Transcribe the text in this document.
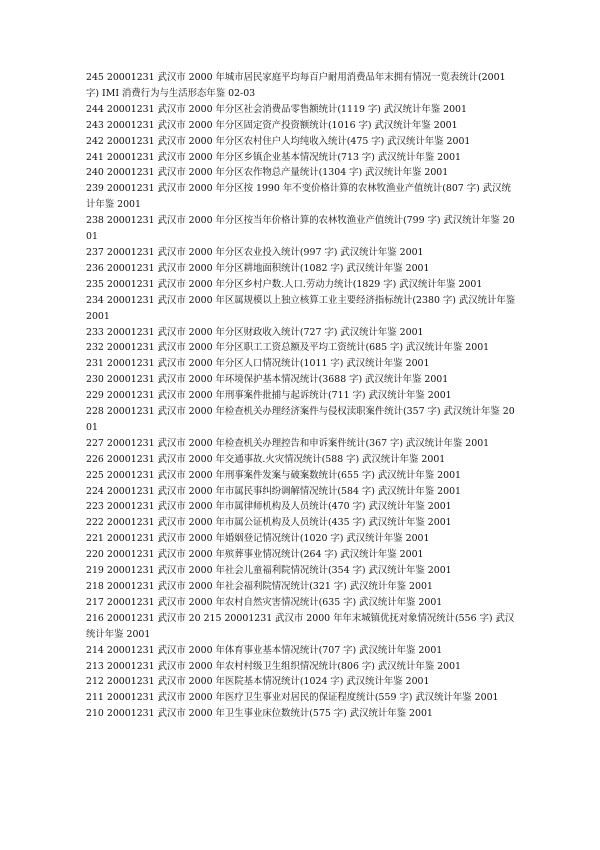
245 20001231 武汉市 2000 年城市居民家庭平均每百户耐用消费品年末拥有情况一览表统计(2001 字) IMI 消费行为与生活形态年鉴 02-03
244 20001231 武汉市 2000 年分区社会消费品零售额统计(1119 字) 武汉统计年鉴 2001
243 20001231 武汉市 2000 年分区固定资产投资额统计(1016 字) 武汉统计年鉴 2001
242 20001231 武汉市 2000 年分区农村住户人均纯收入统计(475 字) 武汉统计年鉴 2001
241 20001231 武汉市 2000 年分区乡镇企业基本情况统计(713 字) 武汉统计年鉴 2001
240 20001231 武汉市 2000 年分区农作物总产量统计(1304 字) 武汉统计年鉴 2001
239 20001231 武汉市 2000 年分区按 1990 年不变价格计算的农林牧渔业产值统计(807 字) 武汉统计年鉴 2001
238 20001231 武汉市 2000 年分区按当年价格计算的农林牧渔业产值统计(799 字) 武汉统计年鉴 2001
237 20001231 武汉市 2000 年分区农业投入统计(997 字) 武汉统计年鉴 2001
236 20001231 武汉市 2000 年分区耕地面积统计(1082 字) 武汉统计年鉴 2001
235 20001231 武汉市 2000 年分区乡村户数.人口.劳动力统计(1829 字) 武汉统计年鉴 2001
234 20001231 武汉市 2000 年区属规模以上独立核算工业主要经济指标统计(2380 字) 武汉统计年鉴 2001
233 20001231 武汉市 2000 年分区财政收入统计(727 字) 武汉统计年鉴 2001
232 20001231 武汉市 2000 年分区职工工资总额及平均工资统计(685 字) 武汉统计年鉴 2001
231 20001231 武汉市 2000 年分区人口情况统计(1011 字) 武汉统计年鉴 2001
230 20001231 武汉市 2000 年环境保护基本情况统计(3688 字) 武汉统计年鉴 2001
229 20001231 武汉市 2000 年刑事案件批捕与起诉统计(711 字) 武汉统计年鉴 2001
228 20001231 武汉市 2000 年检查机关办理经济案件与侵权渎职案件统计(357 字) 武汉统计年鉴 2001
227 20001231 武汉市 2000 年检查机关办理控告和申诉案件统计(367 字) 武汉统计年鉴 2001
226 20001231 武汉市 2000 年交通事故.火灾情况统计(588 字) 武汉统计年鉴 2001
225 20001231 武汉市 2000 年刑事案件发案与破案数统计(655 字) 武汉统计年鉴 2001
224 20001231 武汉市 2000 年市属民事纠纷调解情况统计(584 字) 武汉统计年鉴 2001
223 20001231 武汉市 2000 年市属律师机构及人员统计(470 字) 武汉统计年鉴 2001
222 20001231 武汉市 2000 年市属公证机构及人员统计(435 字) 武汉统计年鉴 2001
221 20001231 武汉市 2000 年婚姻登记情况统计(1020 字) 武汉统计年鉴 2001
220 20001231 武汉市 2000 年殡葬事业情况统计(264 字) 武汉统计年鉴 2001
219 20001231 武汉市 2000 年社会儿童福利院情况统计(354 字) 武汉统计年鉴 2001
218 20001231 武汉市 2000 年社会福利院情况统计(321 字) 武汉统计年鉴 2001
217 20001231 武汉市 2000 年农村自然灾害情况统计(635 字) 武汉统计年鉴 2001
216 20001231 武汉市 20 215 20001231 武汉市 2000 年年末城镇优抚对象情况统计(556 字) 武汉统计年鉴 2001
214 20001231 武汉市 2000 年体育事业基本情况统计(707 字) 武汉统计年鉴 2001
213 20001231 武汉市 2000 年农村村级卫生组织情况统计(806 字) 武汉统计年鉴 2001
212 20001231 武汉市 2000 年医院基本情况统计(1024 字) 武汉统计年鉴 2001
211 20001231 武汉市 2000 年医疗卫生事业对居民的保证程度统计(559 字) 武汉统计年鉴 2001
210 20001231 武汉市 2000 年卫生事业床位数统计(575 字) 武汉统计年鉴 2001
